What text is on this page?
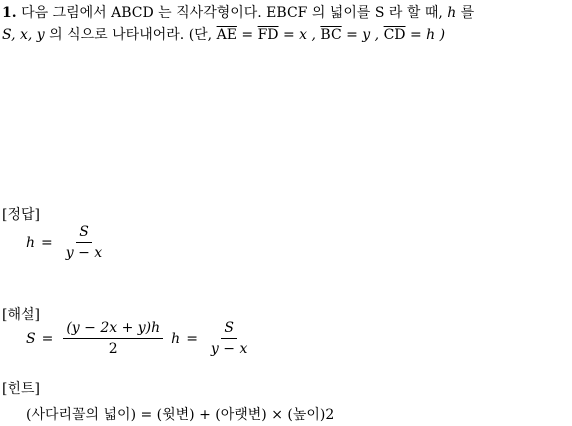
1. 다음 그림에서 ABCD 는 직사각형이다. EBCF 의 넓이를 S 라 할 때, h 를
S, x, y 의 식으로 나타내어라. (단, $\overline{AE} = \overline{FD} = x$ , $\overline{BC} = y$ , $\overline{CD} = h$ )
[정답]
$h = \frac{S}{y - x}$
[해설]
$S = \frac{(y - 2x + y)h}{2}$ $h = \frac{S}{y - x}$
[힌트]
(사다리꼴의 넓이) = (윗변) + (아랫변) × (높이)2
